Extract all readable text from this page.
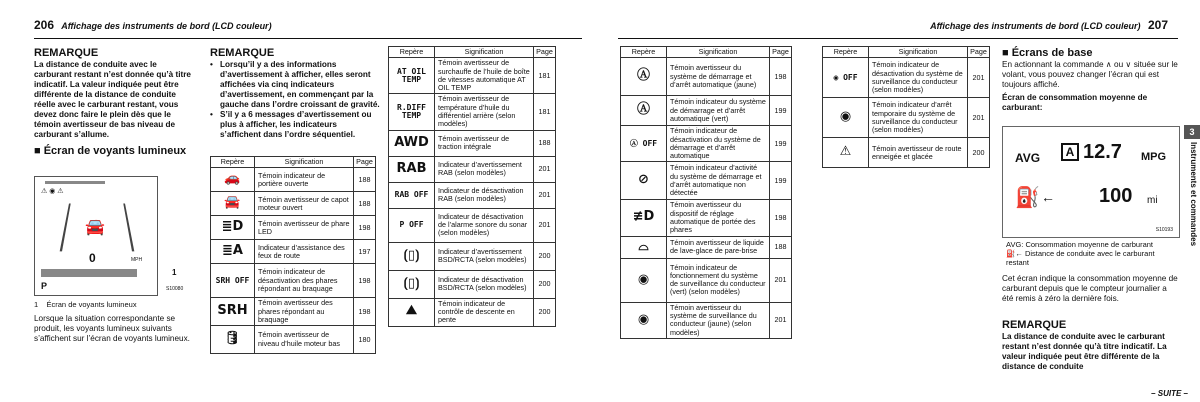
206 Affichage des instruments de bord (LCD couleur)
REMARQUE

La distance de conduite avec le carburant restant n’est donnée qu’à titre indicatif. La valeur indiquée peut être différente de la distance de conduite réelle avec le carburant restant, vous devez donc faire le plein dès que le témoin avertisseur de bas niveau de carburant s’allume.

■ Écran de voyants lumineux
⚠ ◉ ⚠
🚘
0	MPH
P
1
S10080
1 Écran de voyants lumineux
Lorsque la situation correspondante se produit, les voyants lumineux suivants s’affichent sur l’écran de voyants lumineux.
REMARQUE
• Lorsqu’il y a des informations d’avertissement à afficher, elles seront affichées via cinq indicateurs d’avertissement, en commençant par la gauche dans l’ordre croissant de gravité.
• S’il y a 6 messages d’avertissement ou plus à afficher, les indicateurs s’affichent dans l’ordre séquentiel.
Repère	Signification	Page
🚗	Témoin indicateur de portière ouverte	188
🚘	Témoin avertisseur de capot moteur ouvert	188
≣D	Témoin avertisseur de phare LED	198
≣A	Indicateur d’assistance des feux de route	197
SRH OFF	Témoin indicateur de désactivation des phares répondant au braquage	198
SRH	Témoin avertisseur des phares répondant au braquage	198
🛢	Témoin avertisseur de niveau d’huile moteur bas	180
Repère	Signification	Page
AT OIL TEMP	Témoin avertisseur de surchauffe de l’huile de boîte de vitesses automatique AT OIL TEMP	181
R.DIFF TEMP	Témoin avertisseur de température d’huile du différentiel arrière (selon modèles)	181
AWD	Témoin avertisseur de traction intégrale	188
RAB	Indicateur d’avertissement RAB (selon modèles)	201
RAB OFF	Indicateur de désactivation RAB (selon modèles)	201
P OFF	Indicateur de désactivation de l’alarme sonore du sonar (selon modèles)	201
⟮▯⟯	Indicateur d’avertissement BSD/RCTA (selon modèles)	200
⟮▯⟯	Indicateur de désactivation BSD/RCTA (selon modèles)	200
⛰	Témoin indicateur de contrôle de descente en pente	200
Affichage des instruments de bord (LCD couleur) 207
Repère	Signification	Page
Ⓐ	Témoin avertisseur du système de démarrage et d’arrêt automatique (jaune)	198
Ⓐ	Témoin indicateur du système de démarrage et d’arrêt automatique (vert)	199
Ⓐ OFF	Témoin indicateur de désactivation du système de démarrage et d’arrêt automatique	199
⊘	Témoin indicateur d’activité du système de démarrage et d’arrêt automatique non détectée	199
≢D	Témoin avertisseur du dispositif de réglage automatique de portée des phares	198
⌓	Témoin avertisseur de liquide de lave-glace de pare-brise	188
◉	Témoin indicateur de fonctionnement du système de surveillance du conducteur (vert) (selon modèles)	201
◉	Témoin avertisseur du système de surveillance du conducteur (jaune) (selon modèles)	201
Repère	Signification	Page
◉ OFF	Témoin indicateur de désactivation du système de surveillance du conducteur (selon modèles)	201
◉	Témoin indicateur d’arrêt temporaire du système de surveillance du conducteur (selon modèles)	201
⚠	Témoin avertisseur de route enneigée et glacée	200
■ Écrans de base

En actionnant la commande ∧ ou ∨ située sur le volant, vous pouvez changer l’écran qui est toujours affiché.

Écran de consommation moyenne de carburant:

AVG	A 12.7 MPG
⛽ ← 100 mi
S10193

AVG: Consommation moyenne de carburant

⛽← Distance de conduite avec le carburant restant

Cet écran indique la consommation moyenne de carburant depuis que le compteur journalier a été remis à zéro la dernière fois.
REMARQUE

La distance de conduite avec le carburant restant n’est donnée qu’à titre indicatif. La valeur indiquée peut être différente de la distance de conduite

– SUITE –
3
Instruments et commandes
